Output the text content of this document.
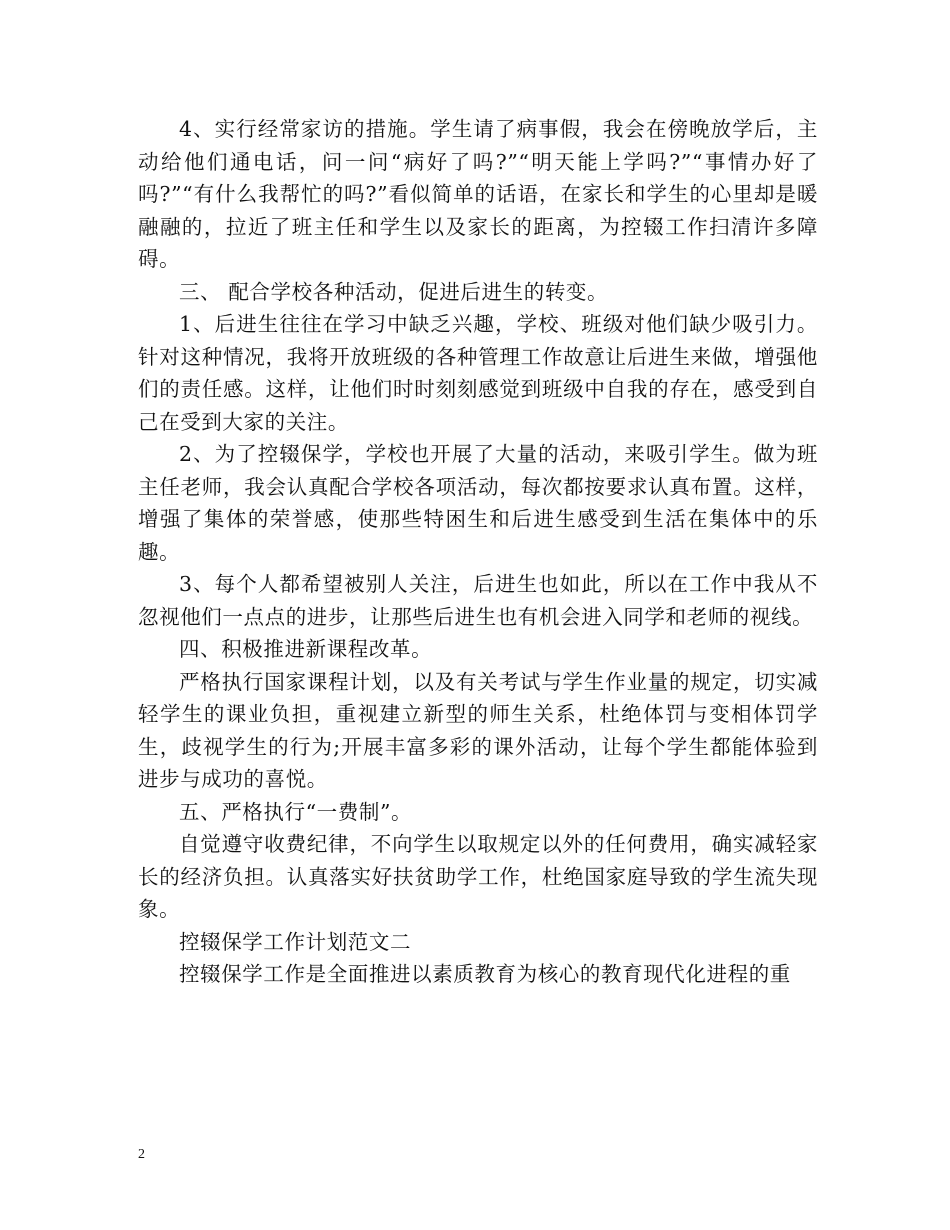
4、实行经常家访的措施。学生请了病事假，我会在傍晚放学后，主动给他们通电话，问一问“病好了吗?”“明天能上学吗?”“事情办好了吗?”“有什么我帮忙的吗?”看似简单的话语，在家长和学生的心里却是暖融融的，拉近了班主任和学生以及家长的距离，为控辍工作扫清许多障碍。

三、 配合学校各种活动，促进后进生的转变。

1、后进生往往在学习中缺乏兴趣，学校、班级对他们缺少吸引力。针对这种情况，我将开放班级的各种管理工作故意让后进生来做，增强他们的责任感。这样，让他们时时刻刻感觉到班级中自我的存在，感受到自己在受到大家的关注。

2、为了控辍保学，学校也开展了大量的活动，来吸引学生。做为班主任老师，我会认真配合学校各项活动，每次都按要求认真布置。这样，增强了集体的荣誉感，使那些特困生和后进生感受到生活在集体中的乐趣。

3、每个人都希望被别人关注，后进生也如此，所以在工作中我从不忽视他们一点点的进步，让那些后进生也有机会进入同学和老师的视线。

四、积极推进新课程改革。

严格执行国家课程计划，以及有关考试与学生作业量的规定，切实减轻学生的课业负担，重视建立新型的师生关系，杜绝体罚与变相体罚学生，歧视学生的行为;开展丰富多彩的课外活动，让每个学生都能体验到进步与成功的喜悦。

五、严格执行“一费制”。

自觉遵守收费纪律，不向学生以取规定以外的任何费用，确实减轻家长的经济负担。认真落实好扶贫助学工作，杜绝国家庭导致的学生流失现象。

控辍保学工作计划范文二

控辍保学工作是全面推进以素质教育为核心的教育现代化进程的重

2
